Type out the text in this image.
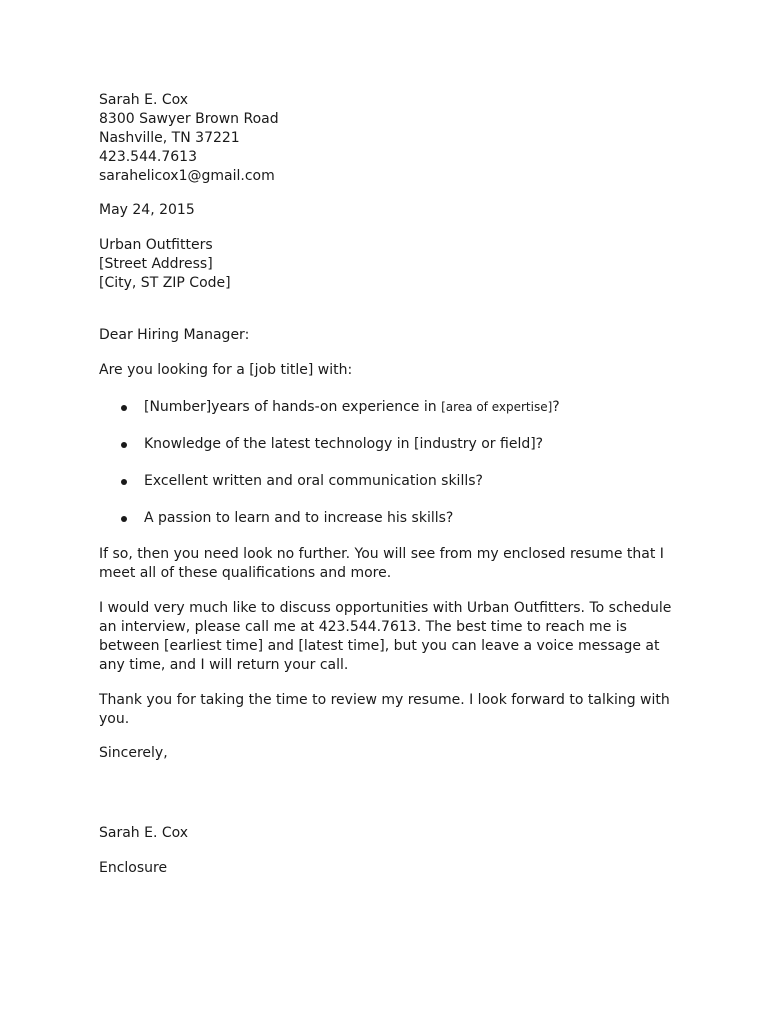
Sarah E. Cox
8300 Sawyer Brown Road
Nashville, TN 37221
423.544.7613
sarahelicox1@gmail.com
May 24, 2015
Urban Outfitters
[Street Address]
[City, ST ZIP Code]
Dear Hiring Manager:
Are you looking for a [job title] with:
[Number]years of hands-on experience in [area of expertise]?
Knowledge of the latest technology in [industry or field]?
Excellent written and oral communication skills?
A passion to learn and to increase his skills?
If so, then you need look no further. You will see from my enclosed resume that I
meet all of these qualifications and more.
I would very much like to discuss opportunities with Urban Outfitters. To schedule
an interview, please call me at 423.544.7613. The best time to reach me is
between [earliest time] and [latest time], but you can leave a voice message at
any time, and I will return your call.
Thank you for taking the time to review my resume. I look forward to talking with
you.
Sincerely,
Sarah E. Cox
Enclosure
